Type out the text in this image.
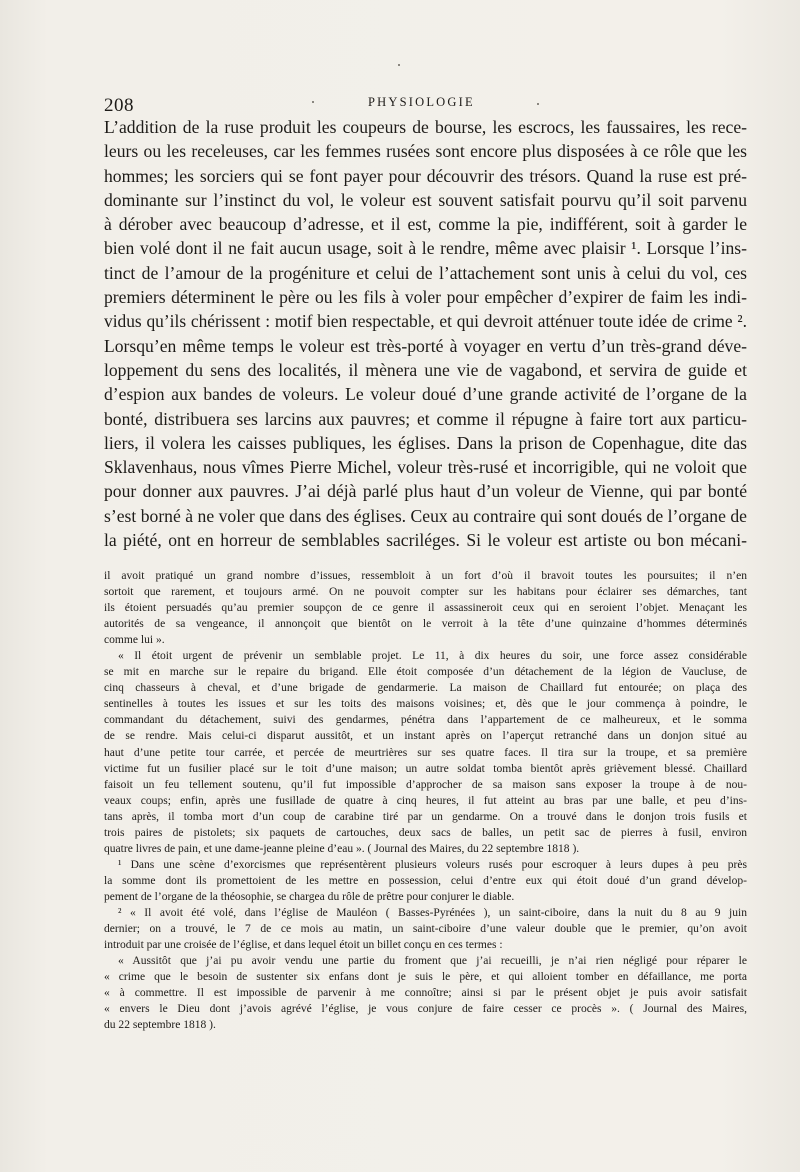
208	PHYSIOLOGIE
L’addition de la ruse produit les coupeurs de bourse, les escrocs, les faussaires, les rece-
leurs ou les receleuses, car les femmes rusées sont encore plus disposées à ce rôle que les
hommes; les sorciers qui se font payer pour découvrir des trésors. Quand la ruse est pré-
dominante sur l’instinct du vol, le voleur est souvent satisfait pourvu qu’il soit parvenu
à dérober avec beaucoup d’adresse, et il est, comme la pie, indifférent, soit à garder le
bien volé dont il ne fait aucun usage, soit à le rendre, même avec plaisir ¹. Lorsque l’ins-
tinct de l’amour de la progéniture et celui de l’attachement sont unis à celui du vol, ces
premiers déterminent le père ou les fils à voler pour empêcher d’expirer de faim les indi-
vidus qu’ils chérissent : motif bien respectable, et qui devroit atténuer toute idée de crime ².
Lorsqu’en même temps le voleur est très-porté à voyager en vertu d’un très-grand déve-
loppement du sens des localités, il mènera une vie de vagabond, et servira de guide et
d’espion aux bandes de voleurs. Le voleur doué d’une grande activité de l’organe de la
bonté, distribuera ses larcins aux pauvres; et comme il répugne à faire tort aux particu-
liers, il volera les caisses publiques, les églises. Dans la prison de Copenhague, dite das
Sklavenhaus, nous vîmes Pierre Michel, voleur très-rusé et incorrigible, qui ne voloit que
pour donner aux pauvres. J’ai déjà parlé plus haut d’un voleur de Vienne, qui par bonté
s’est borné à ne voler que dans des églises. Ceux au contraire qui sont doués de l’organe de
la piété, ont en horreur de semblables sacriléges. Si le voleur est artiste ou bon mécani-
il avoit pratiqué un grand nombre d’issues, ressembloit à un fort d’où il bravoit toutes les poursuites; il n’en
sortoit que rarement, et toujours armé. On ne pouvoit compter sur les habitans pour éclairer ses démarches, tant
ils étoient persuadés qu’au premier soupçon de ce genre il assassineroit ceux qui en seroient l’objet. Menaçant les
autorités de sa vengeance, il annonçoit que bientôt on le verroit à la tête d’une quinzaine d’hommes déterminés
comme lui ».
« Il étoit urgent de prévenir un semblable projet. Le 11, à dix heures du soir, une force assez considérable
se mit en marche sur le repaire du brigand. Elle étoit composée d’un détachement de la légion de Vaucluse, de
cinq chasseurs à cheval, et d’une brigade de gendarmerie. La maison de Chaillard fut entourée; on plaça des
sentinelles à toutes les issues et sur les toits des maisons voisines; et, dès que le jour commença à poindre, le
commandant du détachement, suivi des gendarmes, pénétra dans l’appartement de ce malheureux, et le somma
de se rendre. Mais celui-ci disparut aussitôt, et un instant après on l’aperçut retranché dans un donjon situé au
haut d’une petite tour carrée, et percée de meurtrières sur ses quatre faces. Il tira sur la troupe, et sa première
victime fut un fusilier placé sur le toit d’une maison; un autre soldat tomba bientôt après grièvement blessé. Chaillard
faisoit un feu tellement soutenu, qu’il fut impossible d’approcher de sa maison sans exposer la troupe à de nou-
veaux coups; enfin, après une fusillade de quatre à cinq heures, il fut atteint au bras par une balle, et peu d’ins-
tans après, il tomba mort d’un coup de carabine tiré par un gendarme. On a trouvé dans le donjon trois fusils et
trois paires de pistolets; six paquets de cartouches, deux sacs de balles, un petit sac de pierres à fusil, environ
quatre livres de pain, et une dame-jeanne pleine d’eau ». ( Journal des Maires, du 22 septembre 1818 ).
¹ Dans une scène d’exorcismes que représentèrent plusieurs voleurs rusés pour escroquer à leurs dupes à peu près
la somme dont ils promettoient de les mettre en possession, celui d’entre eux qui étoit doué d’un grand dévelop-
pement de l’organe de la théosophie, se chargea du rôle de prêtre pour conjurer le diable.
² « Il avoit été volé, dans l’église de Mauléon ( Basses-Pyrénées ), un saint-ciboire, dans la nuit du 8 au 9 juin
dernier; on a trouvé, le 7 de ce mois au matin, un saint-ciboire d’une valeur double que le premier, qu’on avoit
introduit par une croisée de l’église, et dans lequel étoit un billet conçu en ces termes :
« Aussitôt que j’ai pu avoir vendu une partie du froment que j’ai recueilli, je n’ai rien négligé pour réparer le
« crime que le besoin de sustenter six enfans dont je suis le père, et qui alloient tomber en défaillance, me porta
« à commettre. Il est impossible de parvenir à me connoître; ainsi si par le présent objet je puis avoir satisfait
« envers le Dieu dont j’avois agrévé l’église, je vous conjure de faire cesser ce procès ». ( Journal des Maires,
du 22 septembre 1818 ).
